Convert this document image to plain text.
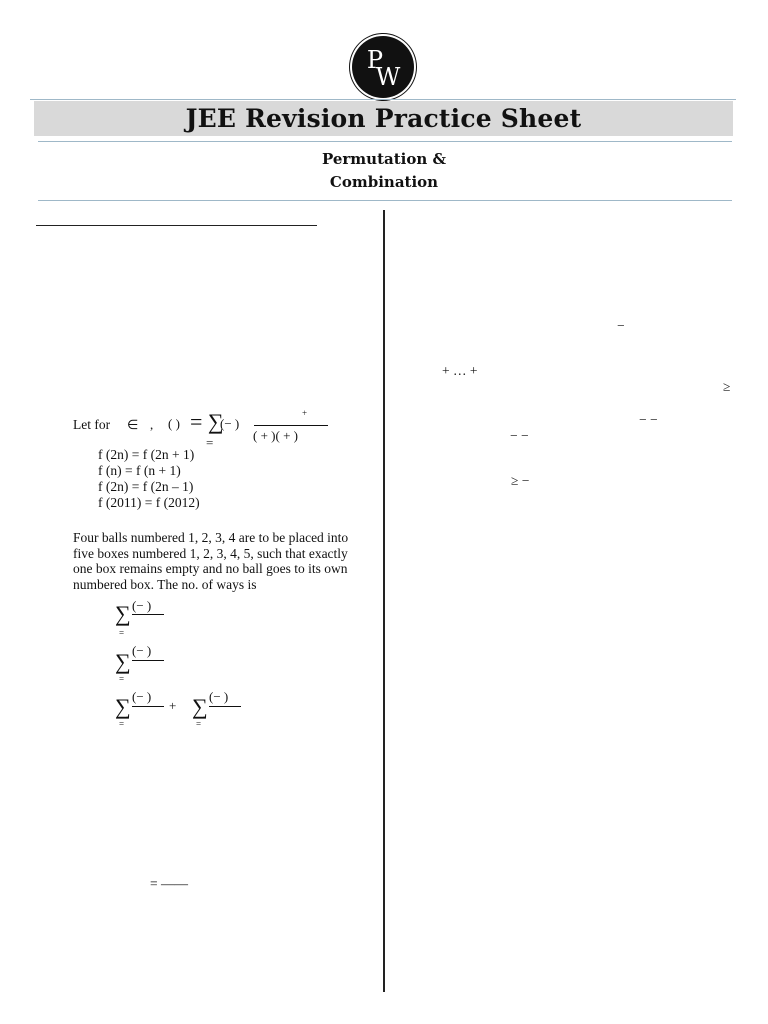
P
W
JEE Revision Practice Sheet
Permutation &
Combination
Let for ∈ , ( ) = ∑
=
(− )
+
( + )( + )
f (2n) = f (2n + 1)
f (n) = f (n + 1)
f (2n) = f (2n – 1)
f (2011) = f (2012)
Four balls numbered 1, 2, 3, 4 are to be placed into five boxes numbered 1, 2, 3, 4, 5, such that exactly one box remains empty and no ball goes to its own numbered box. The no. of ways is
∑ (− )
=
∑ (− )
=
∑ (− )
=
+ ∑ (− )
=
= ——
−
+ … +
≥
− −
− −
≥ −
